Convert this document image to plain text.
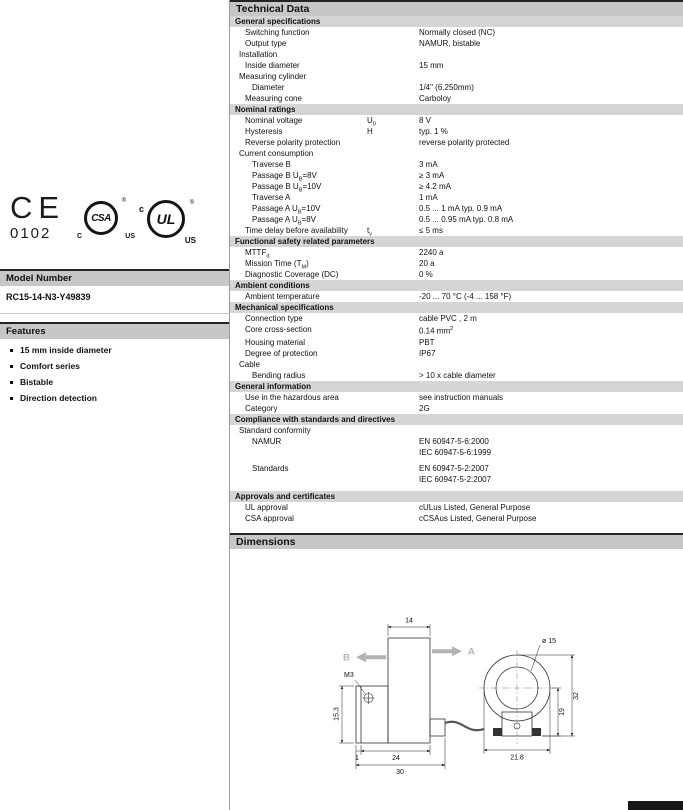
CE
0102
®
CSA
C	US
c
UL
US
®
Model Number
RC15-14-N3-Y49839
Features
15 mm inside diameter
Comfort series
Bistable
Direction detection
Technical Data
General specifications
Switching function	Normally closed (NC)
Output type	NAMUR, bistable
Installation
Inside diameter	15 mm
Measuring cylinder
Diameter	1/4" (6.250mm)
Measuring cone	Carboloy
Nominal ratings
Nominal voltage	$U_0$	8 V
Hysteresis	H	typ. 1 %
Reverse polarity protection	reverse polarity protected
Current consumption
Traverse B	3 mA
Passage B $U_B=8V$	≥ 3 mA
Passage B $U_B=10V$	≥ 4.2 mA
Traverse A	1 mA
Passage A $U_B=10V$	0.5 ... 1 mA typ. 0.9 mA
Passage A $U_B=8V$	0.5 ... 0.95 mA typ. 0.8 mA
Time delay before availability $t_v$	≤ 5 ms
Functional safety related parameters
$MTTF_d$	2240 a
Mission Time $(T_M)$	20 a
Diagnostic Coverage (DC)	0 %
Ambient conditions
Ambient temperature	-20 ... 70 °C (-4 ... 158 °F)
Mechanical specifications
Connection type	cable PVC , 2 m
Core cross-section	0.14 $mm^2$
Housing material	PBT
Degree of protection	IP67
Cable
Bending radius	> 10 x cable diameter
General information
Use in the hazardous area	see instruction manuals
Category	2G
Compliance with standards and directives
Standard conformity
NAMUR	EN 60947-5-6:2000
IEC 60947-5-6:1999
Standards	EN 60947-5-2:2007
IEC 60947-5-2:2007
Approvals and certificates
UL approval	cULus Listed, General Purpose
CSA approval	cCSAus Listed, General Purpose
Dimensions
A
B
14
M3
15.3
1	24
30
ø 15
19
32
21.8
